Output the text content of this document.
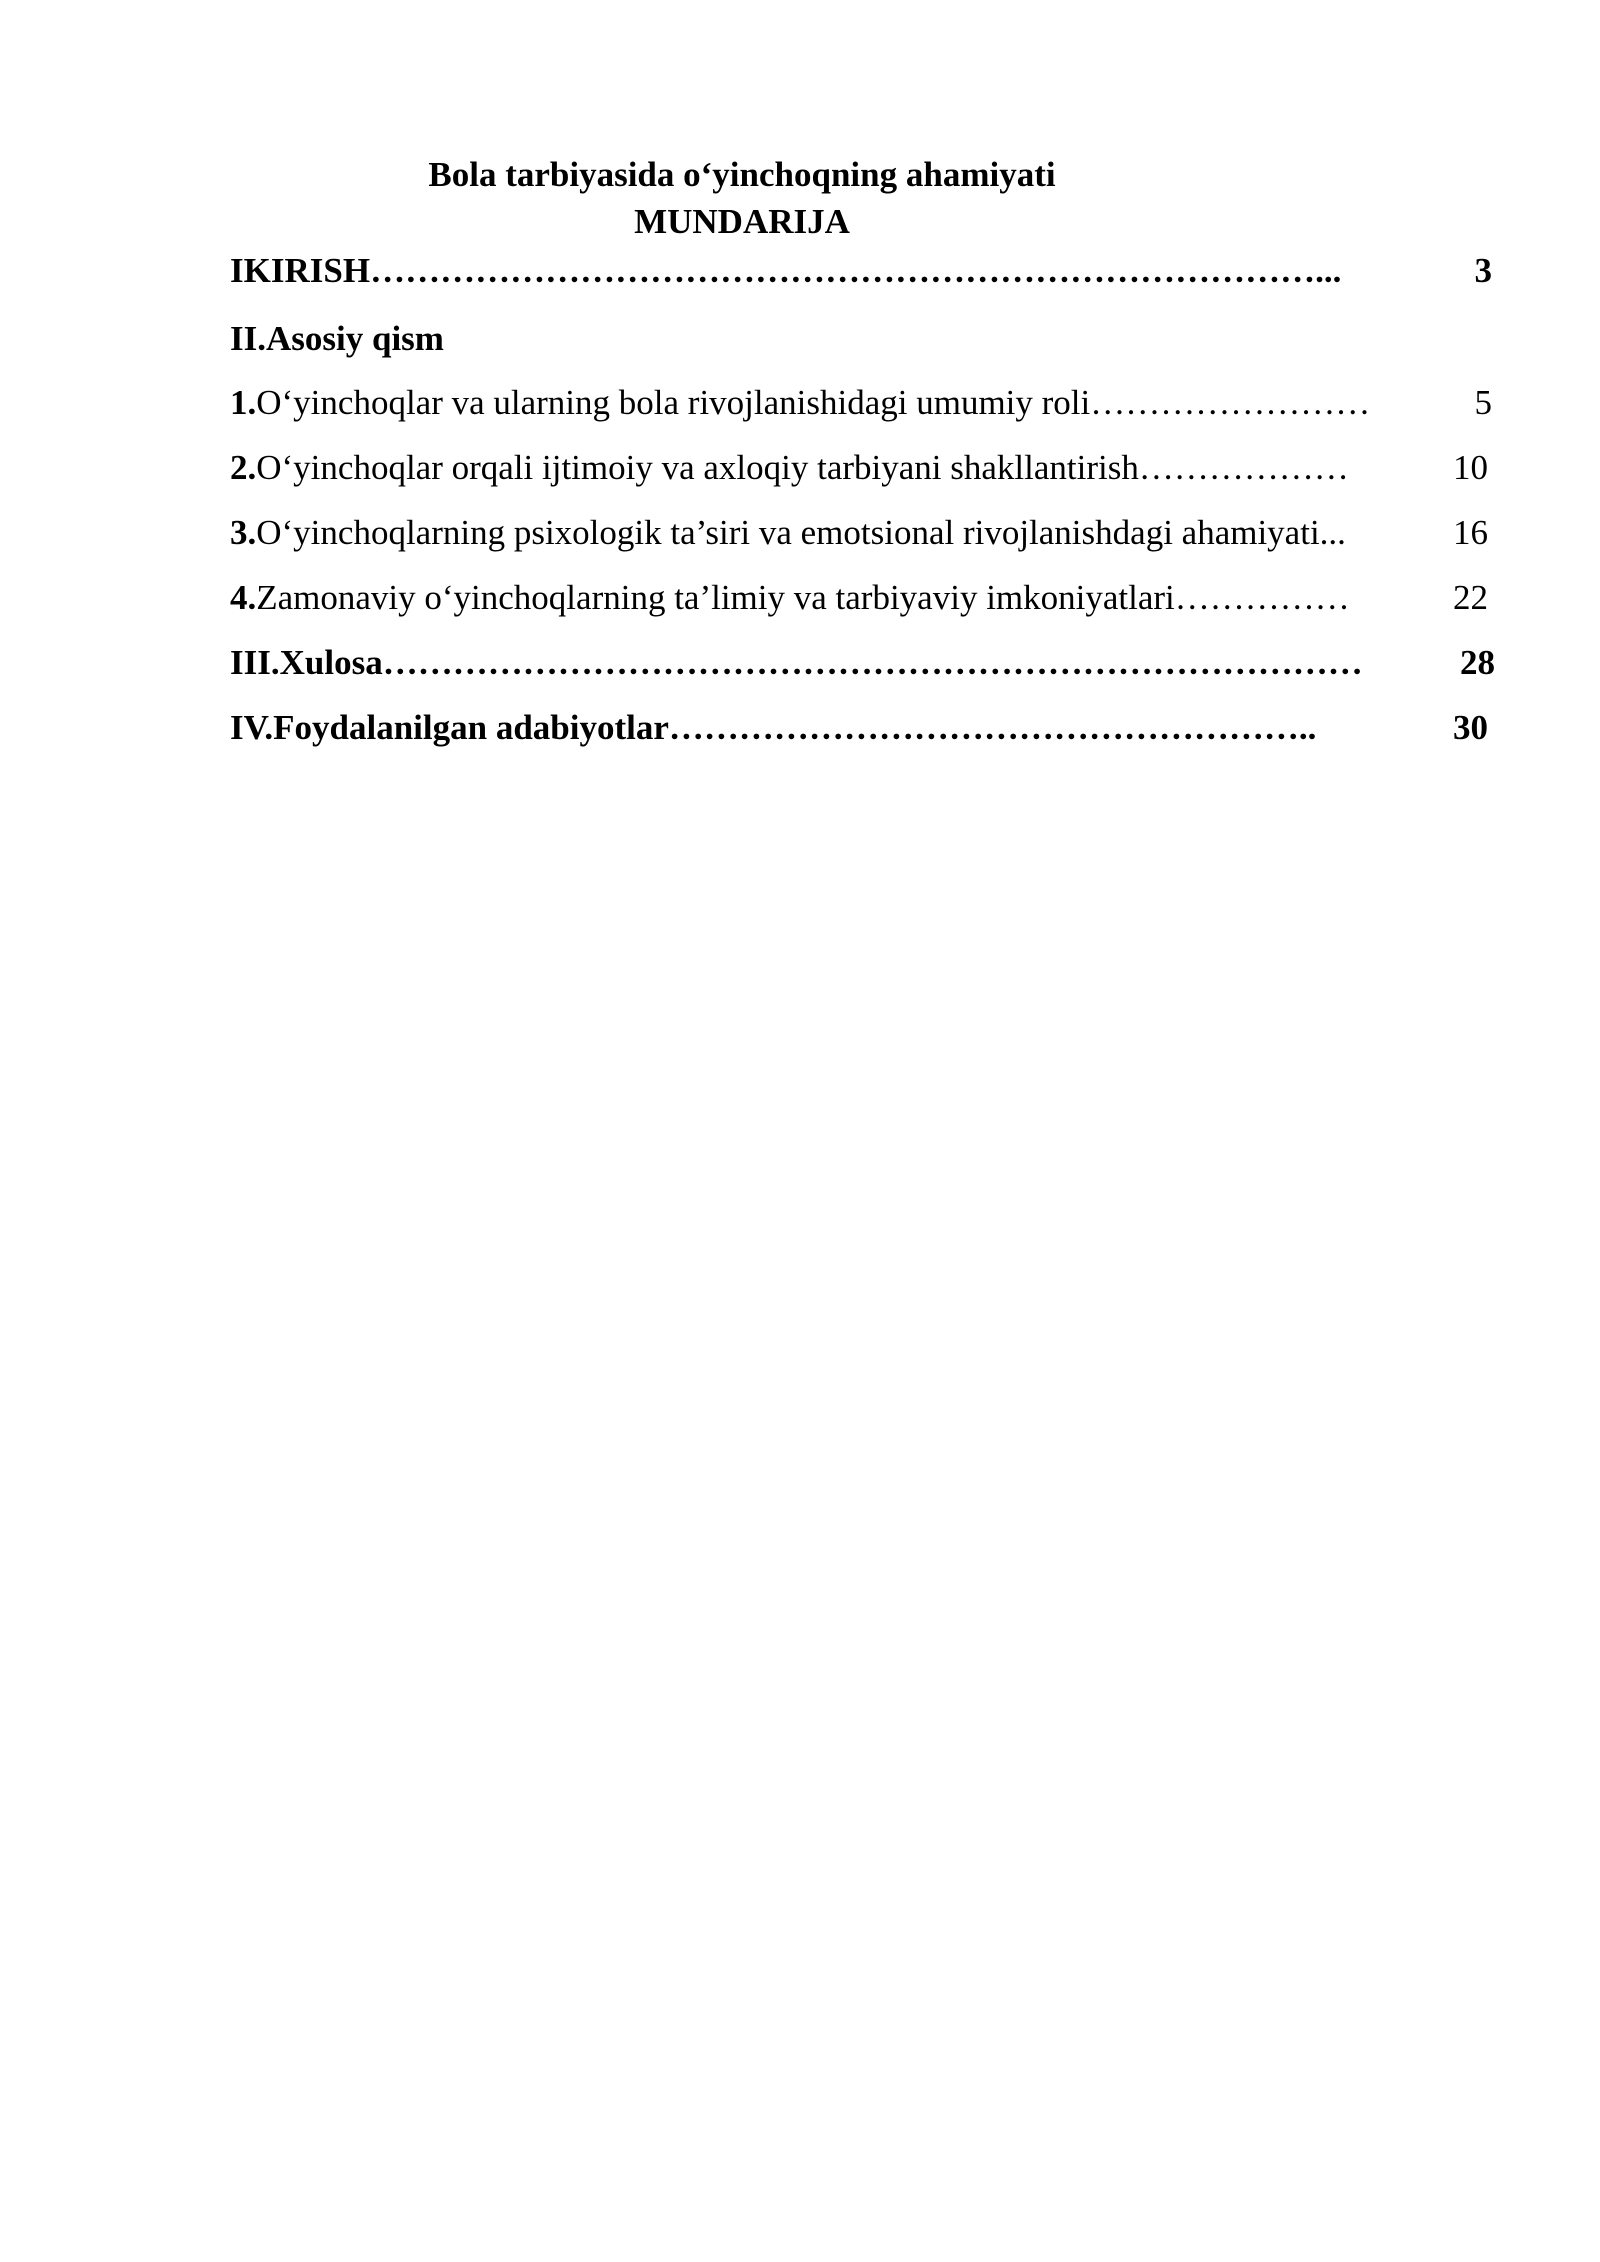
Bola tarbiyasida o‘yinchoqning ahamiyati

MUNDARIJA

IKIRISH ………………………………………………………………………...	3
II.Asosiy qism
1. O‘yinchoqlar va ularning bola rivojlanishidagi umumiy roli ……………………	5
2. O‘yinchoqlar orqali ijtimoiy va axloqiy tarbiyani shakllantirish ………………	10
3. O‘yinchoqlarning psixologik ta’siri va emotsional rivojlanishdagi ahamiyati ...	16
4. Zamonaviy o‘yinchoqlarning ta’limiy va tarbiyaviy imkoniyatlari ……………	22
III.Xulosa …………………………………………………………………………	28
IV.Foydalanilgan adabiyotlar ………………………………………………..	30
